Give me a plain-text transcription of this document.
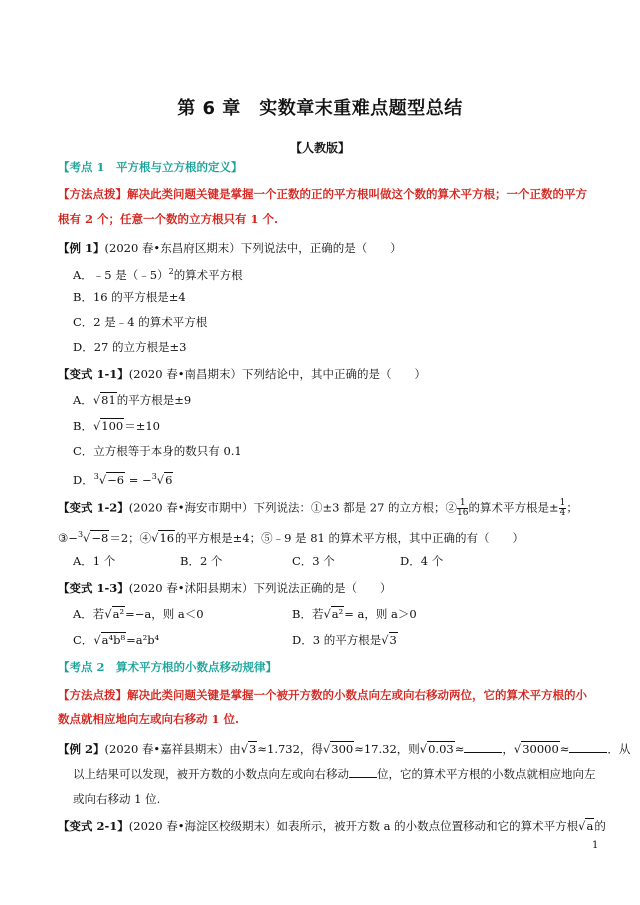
第 6 章　实数章末重难点题型总结
【人教版】
【考点 1　平方根与立方根的定义】
【方法点拨】解决此类问题关键是掌握一个正数的正的平方根叫做这个数的算术平方根；一个正数的平方
根有 2 个；任意一个数的立方根只有 1 个.
【例 1】(2020 春•东昌府区期末）下列说法中，正确的是（　　）
A．﹣5 是（﹣5）$^2$的算术平方根
B．16 的平方根是±4
C．2 是﹣4 的算术平方根
D．27 的立方根是±3
【变式 1-1】(2020 春•南昌期末）下列结论中，其中正确的是（　　）
A．√81的平方根是±9
B．√100＝±10
C．立方根等于本身的数只有 0.1
D．$^3$√−6 = −$^3$√6
【变式 1-2】(2020 春•海安市期中）下列说法：①±3 都是 27 的立方根；② $\frac{1}{16}$ 的算术平方根是± $\frac{1}{4}$ ；
③−$^3$√−8＝2；④√16的平方根是±4；⑤﹣9 是 81 的算术平方根，其中正确的有（　　）
A．1 个	B．2 个	C．3 个	D．4 个
【变式 1-3】(2020 春•沭阳县期末）下列说法正确的是（　　）
A．若√a²=−a，则 a＜0	B．若√a²= a，则 a＞0
C．√a⁴b⁸=a²b⁴	D．3 的平方根是√3
【考点 2　算术平方根的小数点移动规律】
【方法点拨】解决此类问题关键是掌握一个被开方数的小数点向左或向右移动两位，它的算术平方根的小
数点就相应地向左或向右移动 1 位.
【例 2】(2020 春•嘉祥县期末）由√3≈1.732，得√300≈17.32，则√0.03≈	，√30000≈	．从
以上结果可以发现，被开方数的小数点向左或向右移动 位，它的算术平方根的小数点就相应地向左
或向右移动 1 位.
【变式 2-1】(2020 春•海淀区校级期末）如表所示，被开方数 a 的小数点位置移动和它的算术平方根√a的
1
